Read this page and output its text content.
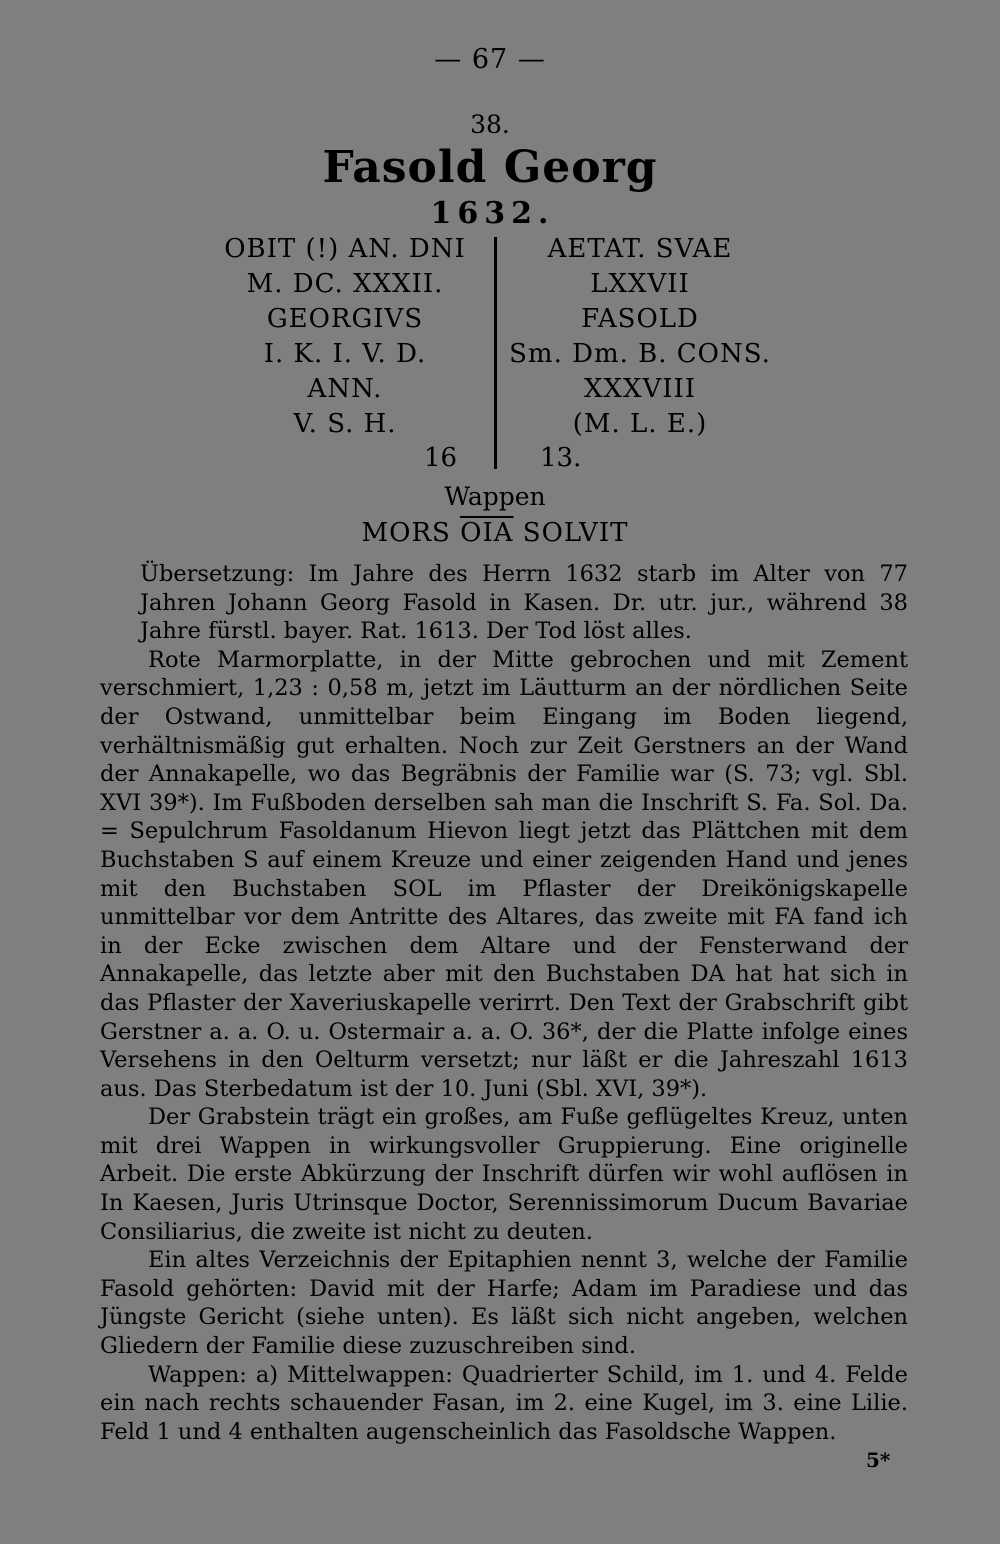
— 67 —
38.
Fasold Georg
1632.
OBIT (!) AN. DNI
M. DC. XXXII.
GEORGIVS
I. K. I. V. D.
ANN.
V. S. H.
AETAT. SVAE
LXXVII
FASOLD
Sm. Dm. B. CONS.
XXXVIII
(M. L. E.)
16	13.
Wappen
MORS $\overline{OIA}$ SOLVIT

Übersetzung: Im Jahre des Herrn 1632 starb im Alter von 77 Jahren Johann Georg Fasold in Kasen. Dr. utr. jur., während 38 Jahre fürstl. bayer. Rat. 1613. Der Tod löst alles.

Rote Marmorplatte, in der Mitte gebrochen und mit Zement verschmiert, 1,23 : 0,58 m, jetzt im Läutturm an der nördlichen Seite der Ostwand, unmittelbar beim Eingang im Boden liegend, verhältnismäßig gut erhalten. Noch zur Zeit Gerstners an der Wand der Annakapelle, wo das Begräbnis der Familie war (S. 73; vgl. Sbl. XVI 39*). Im Fußboden derselben sah man die Inschrift S. Fa. Sol. Da. = Sepulchrum Fasoldanum Hievon liegt jetzt das Plättchen mit dem Buchstaben S auf einem Kreuze und einer zeigenden Hand und jenes mit den Buchstaben SOL im Pflaster der Dreikönigskapelle unmittelbar vor dem Antritte des Altares, das zweite mit FA fand ich in der Ecke zwischen dem Altare und der Fensterwand der Annakapelle, das letzte aber mit den Buchstaben DA hat hat sich in das Pflaster der Xaveriuskapelle verirrt. Den Text der Grabschrift gibt Gerstner a. a. O. u. Ostermair a. a. O. 36*, der die Platte infolge eines Versehens in den Oelturm versetzt; nur läßt er die Jahreszahl 1613 aus. Das Sterbedatum ist der 10. Juni (Sbl. XVI, 39*).

Der Grabstein trägt ein großes, am Fuße geflügeltes Kreuz, unten mit drei Wappen in wirkungsvoller Gruppierung. Eine originelle Arbeit. Die erste Abkürzung der Inschrift dürfen wir wohl auflösen in In Kaesen, Juris Utrinsque Doctor, Serennissimorum Ducum Bavariae Consiliarius, die zweite ist nicht zu deuten.

Ein altes Verzeichnis der Epitaphien nennt 3, welche der Familie Fasold gehörten: David mit der Harfe; Adam im Paradiese und das Jüngste Gericht (siehe unten). Es läßt sich nicht angeben, welchen Gliedern der Familie diese zuzuschreiben sind.

Wappen: a) Mittelwappen: Quadrierter Schild, im 1. und 4. Felde ein nach rechts schauender Fasan, im 2. eine Kugel, im 3. eine Lilie. Feld 1 und 4 enthalten augenscheinlich das Fasoldsche Wappen.

5*
